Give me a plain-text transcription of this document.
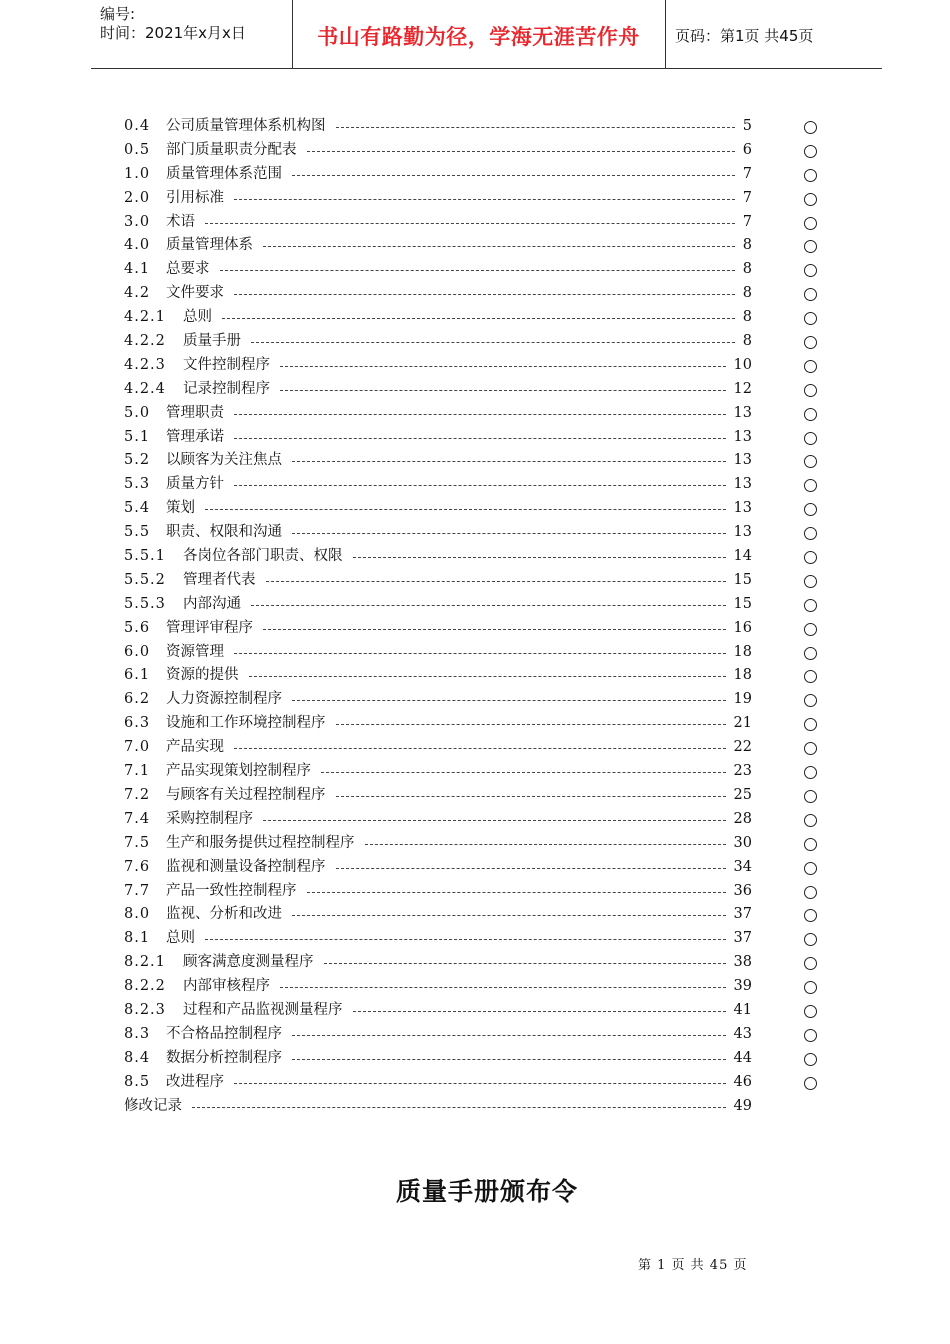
编号:
时间：2021年x月x日	书山有路勤为径，学海无涯苦作舟	页码：第1页 共45页
0.4 公司质量管理体系机构图	5
0.5 部门质量职责分配表	6
1.0 质量管理体系范围	7
2.0 引用标准	7
3.0 术语	7
4.0 质量管理体系	8
4.1 总要求	8
4.2 文件要求	8
4.2.1 总则	8
4.2.2 质量手册	8
4.2.3 文件控制程序	10
4.2.4 记录控制程序	12
5.0 管理职责	13
5.1 管理承诺	13
5.2 以顾客为关注焦点	13
5.3 质量方针	13
5.4 策划	13
5.5 职责、权限和沟通	13
5.5.1 各岗位各部门职责、权限	14
5.5.2 管理者代表	15
5.5.3 内部沟通	15
5.6 管理评审程序	16
6.0 资源管理	18
6.1 资源的提供	18
6.2 人力资源控制程序	19
6.3 设施和工作环境控制程序	21
7.0 产品实现	22
7.1 产品实现策划控制程序	23
7.2 与顾客有关过程控制程序	25
7.4 采购控制程序	28
7.5 生产和服务提供过程控制程序	30
7.6 监视和测量设备控制程序	34
7.7 产品一致性控制程序	36
8.0 监视、分析和改进	37
8.1 总则	37
8.2.1 顾客满意度测量程序	38
8.2.2 内部审核程序	39
8.2.3 过程和产品监视测量程序	41
8.3 不合格品控制程序	43
8.4 数据分析控制程序	44
8.5 改进程序	46
修改记录	49
质量手册颁布令
第 1 页 共 45 页
